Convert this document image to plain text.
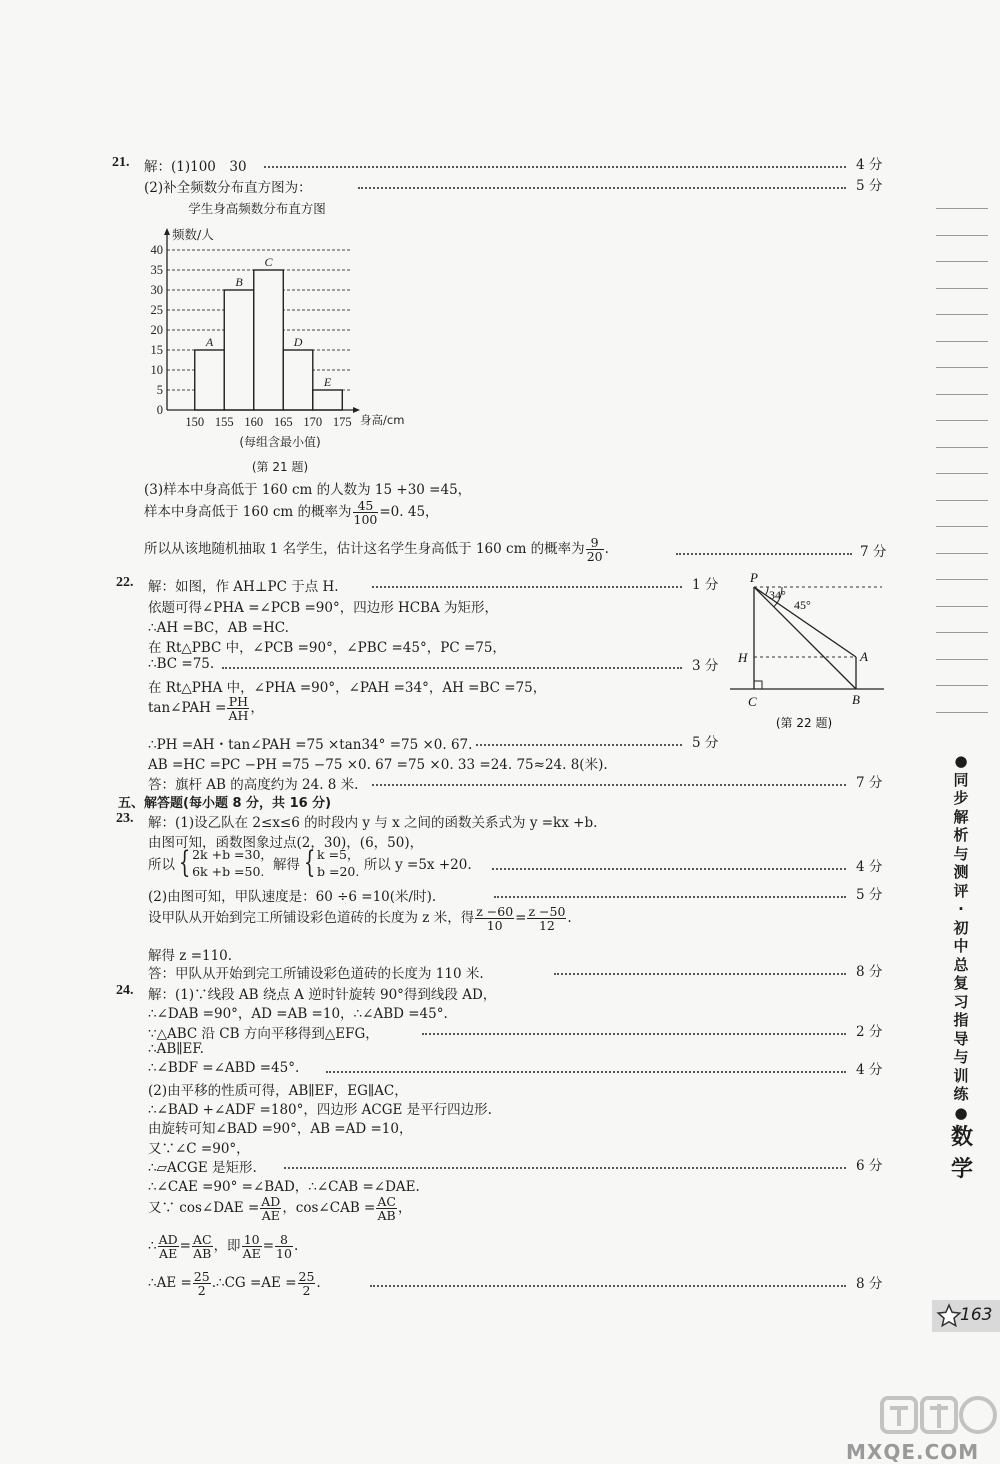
21. 解：(1)100　30	4 分
(2)补全频数分布直方图为：	5 分
学生身高频数分布直方图
频数/人
身高/cm
(每组含最小值)
(第 21 题)
0
5
10
15
20
25
30
35
40
A
B
C
D
E
150 155 160 165 170 175
(3)样本中身高低于 160 cm 的人数为 15 +30 =45，
样本中身高低于 160 cm 的概率为 $\frac{45}{100} =0$. 45，
所以从该地随机抽取 1 名学生，估计这名学生身高低于 160 cm 的概率为 $\frac{9}{20}$ .	7 分
22. 解：如图，作 AH⊥PC 于点 H.	1 分
依题可得∠PHA =∠PCB =90°，四边形 HCBA 为矩形，
∴AH =BC，AB =HC.
在 Rt△PBC 中，∠PCB =90°，∠PBC =45°，PC =75，
∴BC =75.	3 分
在 Rt△PHA 中，∠PHA =90°，∠PAH =34°，AH =BC =75，
tan∠PAH = $\frac{PH}{AH}$ ，
∴PH =AH・tan∠PAH =75 ×tan34° =75 ×0. 67.	5 分
AB =HC =PC −PH =75 −75 ×0. 67 =75 ×0. 33 =24. 75≈24. 8(米).
答：旗杆 AB 的高度约为 24. 8 米.	7 分
P
34°
45°
H	A
C	B
(第 22 题)
五、解答题(每小题 8 分，共 16 分)
23. 解：(1)设乙队在 2≤x≤6 的时段内 y 与 x 之间的函数关系式为 y =kx +b.
由图可知，函数图象过点(2，30)，(6，50)，
所以 { 2k +b =30，
6k +b =50. 解得 { k =5，
b =20. 所以 y =5x +20.	4 分
(2)由图可知，甲队速度是：60 ÷6 =10(米/时).	5 分
设甲队从开始到完工所铺设彩色道砖的长度为 z 米，得 $\frac{z -60}{10} = \frac{z -50}{12}$ .
解得 z =110.
答：甲队从开始到完工所铺设彩色道砖的长度为 110 米.	8 分
24. 解：(1)∵线段 AB 绕点 A 逆时针旋转 90°得到线段 AD，
∴∠DAB =90°，AD =AB =10，∴∠ABD =45°.
∵△ABC 沿 CB 方向平移得到△EFG，	2 分
∴AB∥EF.
∴∠BDF =∠ABD =45°.	4 分
(2)由平移的性质可得，AB∥EF，EG∥AC，
∴∠BAD +∠ADF =180°，四边形 ACGE 是平行四边形.
由旋转可知∠BAD =90°，AB =AD =10，
又∵∠C =90°，
∴▱ACGE 是矩形.	6 分
∴∠CAE =90° =∠BAD，∴∠CAB =∠DAE.
又∵ cos∠DAE = $\frac{AD}{AE}$ ，cos∠CAB = $\frac{AC}{AB}$ ，
∴ $\frac{AD}{AE} = \frac{AC}{AB}$ ，即 $\frac{10}{AE} = \frac{8}{10}$ .
∴AE = $\frac{25}{2}$ .∴CG $=AE = \frac{25}{2}$ .	8 分
●
同
步
解
析
与
测
评
·
初
中
总
复
习
指
导
与
训
练
●
数
学
163
MXQE.COM
